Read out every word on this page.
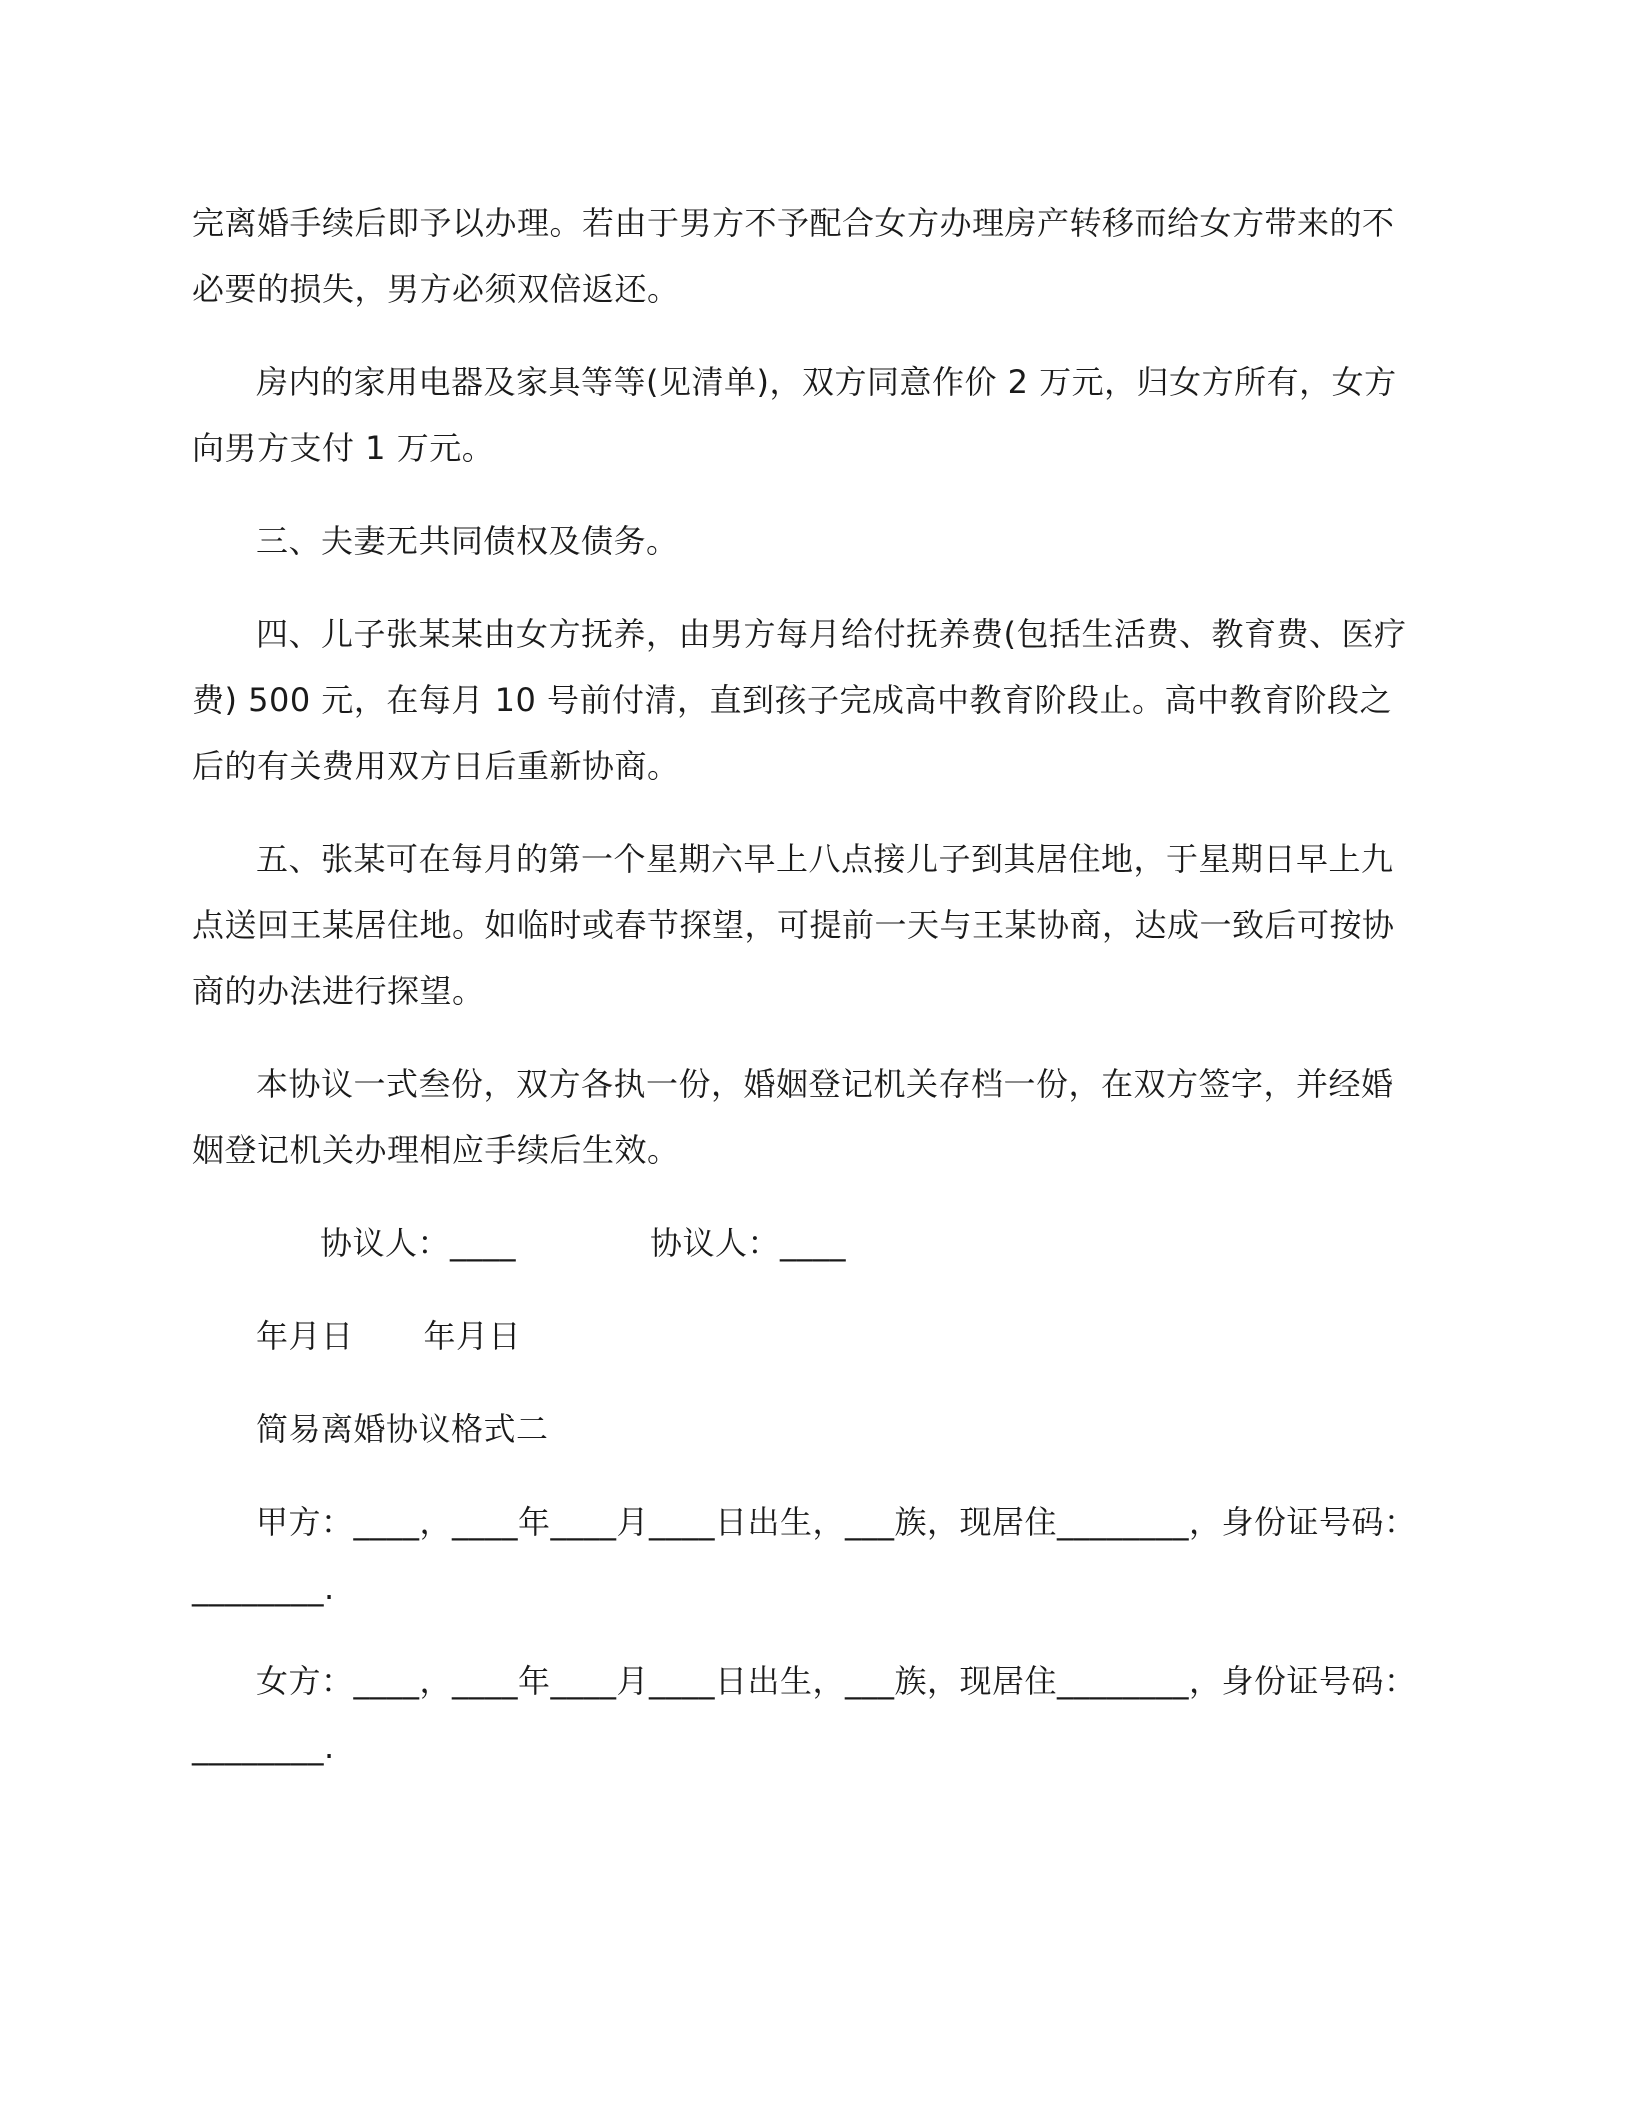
完离婚手续后即予以办理。若由于男方不予配合女方办理房产转移而给女方带来的不必要的损失，男方必须双倍返还。

房内的家用电器及家具等等(见清单)，双方同意作价 2 万元，归女方所有，女方向男方支付 1 万元。

三、夫妻无共同债权及债务。

四、儿子张某某由女方抚养，由男方每月给付抚养费(包括生活费、教育费、医疗费) 500 元，在每月 10 号前付清，直到孩子完成高中教育阶段止。高中教育阶段之后的有关费用双方日后重新协商。

五、张某可在每月的第一个星期六早上八点接儿子到其居住地，于星期日早上九点送回王某居住地。如临时或春节探望，可提前一天与王某协商，达成一致后可按协商的办法进行探望。

本协议一式叁份，双方各执一份，婚姻登记机关存档一份，在双方签字，并经婚姻登记机关办理相应手续后生效。

协议人：____	协议人：____

年月日 年月日

简易离婚协议格式二

甲方：____，____年____月____日出生，___族，现居住________，身份证号码：________.

女方：____，____年____月____日出生，___族，现居住________，身份证号码：________.
